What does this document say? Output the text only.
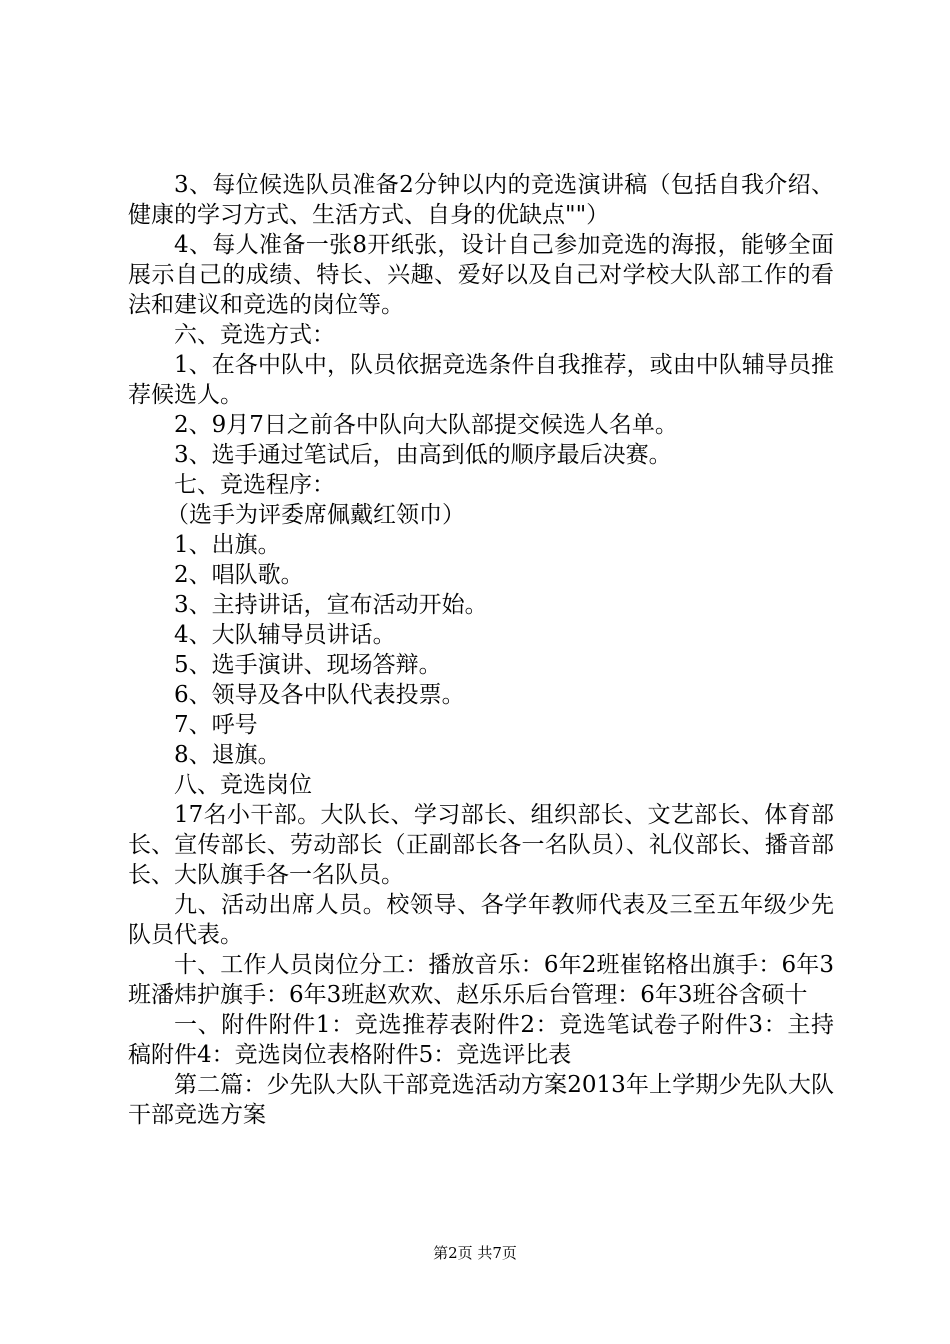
3、每位候选队员准备2分钟以内的竞选演讲稿（包括自我介绍、健康的学习方式、生活方式、自身的优缺点""）

4、每人准备一张8开纸张，设计自己参加竞选的海报，能够全面展示自己的成绩、特长、兴趣、爱好以及自己对学校大队部工作的看法和建议和竞选的岗位等。

六、竞选方式：

1、在各中队中，队员依据竞选条件自我推荐，或由中队辅导员推荐候选人。

2、9月7日之前各中队向大队部提交候选人名单。

3、选手通过笔试后，由高到低的顺序最后决赛。

七、竞选程序：

（选手为评委席佩戴红领巾）

1、出旗。

2、唱队歌。

3、主持讲话，宣布活动开始。

4、大队辅导员讲话。

5、选手演讲、现场答辩。

6、领导及各中队代表投票。

7、呼号

8、退旗。

八、竞选岗位

17名小干部。大队长、学习部长、组织部长、文艺部长、体育部长、宣传部长、劳动部长（正副部长各一名队员）、礼仪部长、播音部长、大队旗手各一名队员。

九、活动出席人员。校领导、各学年教师代表及三至五年级少先队员代表。

十、工作人员岗位分工：播放音乐：6年2班崔铭格出旗手：6年3班潘炜护旗手：6年3班赵欢欢、赵乐乐后台管理：6年3班谷含硕十

一、附件附件1：竞选推荐表附件2：竞选笔试卷子附件3：主持稿附件4：竞选岗位表格附件5：竞选评比表

第二篇：少先队大队干部竞选活动方案2013年上学期少先队大队干部竞选方案

第2页 共7页
